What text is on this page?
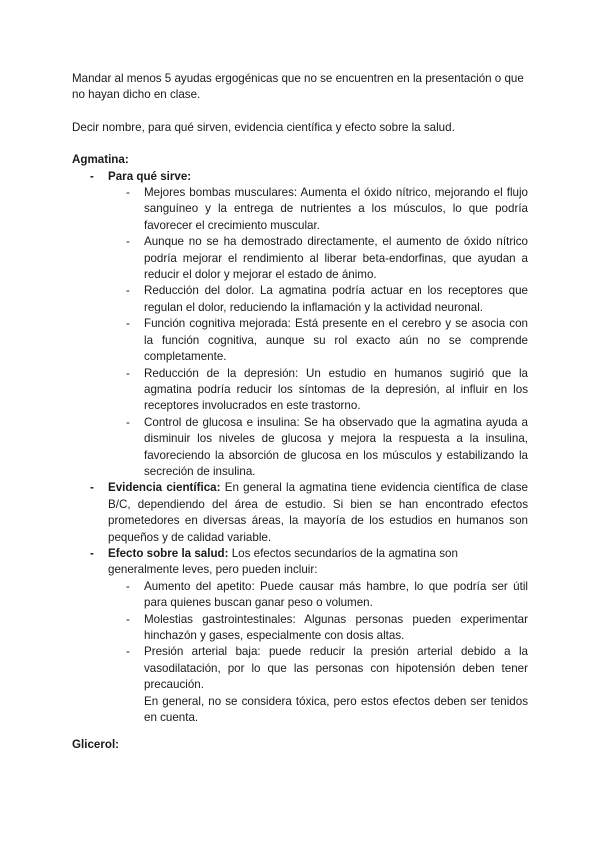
Mandar al menos 5 ayudas ergogénicas que no se encuentren en la presentación o que no hayan dicho en clase.

Decir nombre, para qué sirven, evidencia científica y efecto sobre la salud.

Agmatina:

- Para qué sirve:
- Mejores bombas musculares: Aumenta el óxido nítrico, mejorando el flujo sanguíneo y la entrega de nutrientes a los músculos, lo que podría favorecer el crecimiento muscular.
- Aunque no se ha demostrado directamente, el aumento de óxido nítrico podría mejorar el rendimiento al liberar beta-endorfinas, que ayudan a reducir el dolor y mejorar el estado de ánimo.
- Reducción del dolor. La agmatina podría actuar en los receptores que regulan el dolor, reduciendo la inflamación y la actividad neuronal.
- Función cognitiva mejorada: Está presente en el cerebro y se asocia con la función cognitiva, aunque su rol exacto aún no se comprende completamente.
- Reducción de la depresión: Un estudio en humanos sugirió que la agmatina podría reducir los síntomas de la depresión, al influir en los receptores involucrados en este trastorno.
- Control de glucosa e insulina: Se ha observado que la agmatina ayuda a disminuir los niveles de glucosa y mejora la respuesta a la insulina, favoreciendo la absorción de glucosa en los músculos y estabilizando la secreción de insulina.
- Evidencia científica: En general la agmatina tiene evidencia científica de clase B/C, dependiendo del área de estudio. Si bien se han encontrado efectos prometedores en diversas áreas, la mayoría de los estudios en humanos son pequeños y de calidad variable.
- Efecto sobre la salud: Los efectos secundarios de la agmatina son generalmente leves, pero pueden incluir:
- Aumento del apetito: Puede causar más hambre, lo que podría ser útil para quienes buscan ganar peso o volumen.
- Molestias gastrointestinales: Algunas personas pueden experimentar hinchazón y gases, especialmente con dosis altas.
- Presión arterial baja: puede reducir la presión arterial debido a la vasodilatación, por lo que las personas con hipotensión deben tener precaución.

En general, no se considera tóxica, pero estos efectos deben ser tenidos en cuenta.

Glicerol:
